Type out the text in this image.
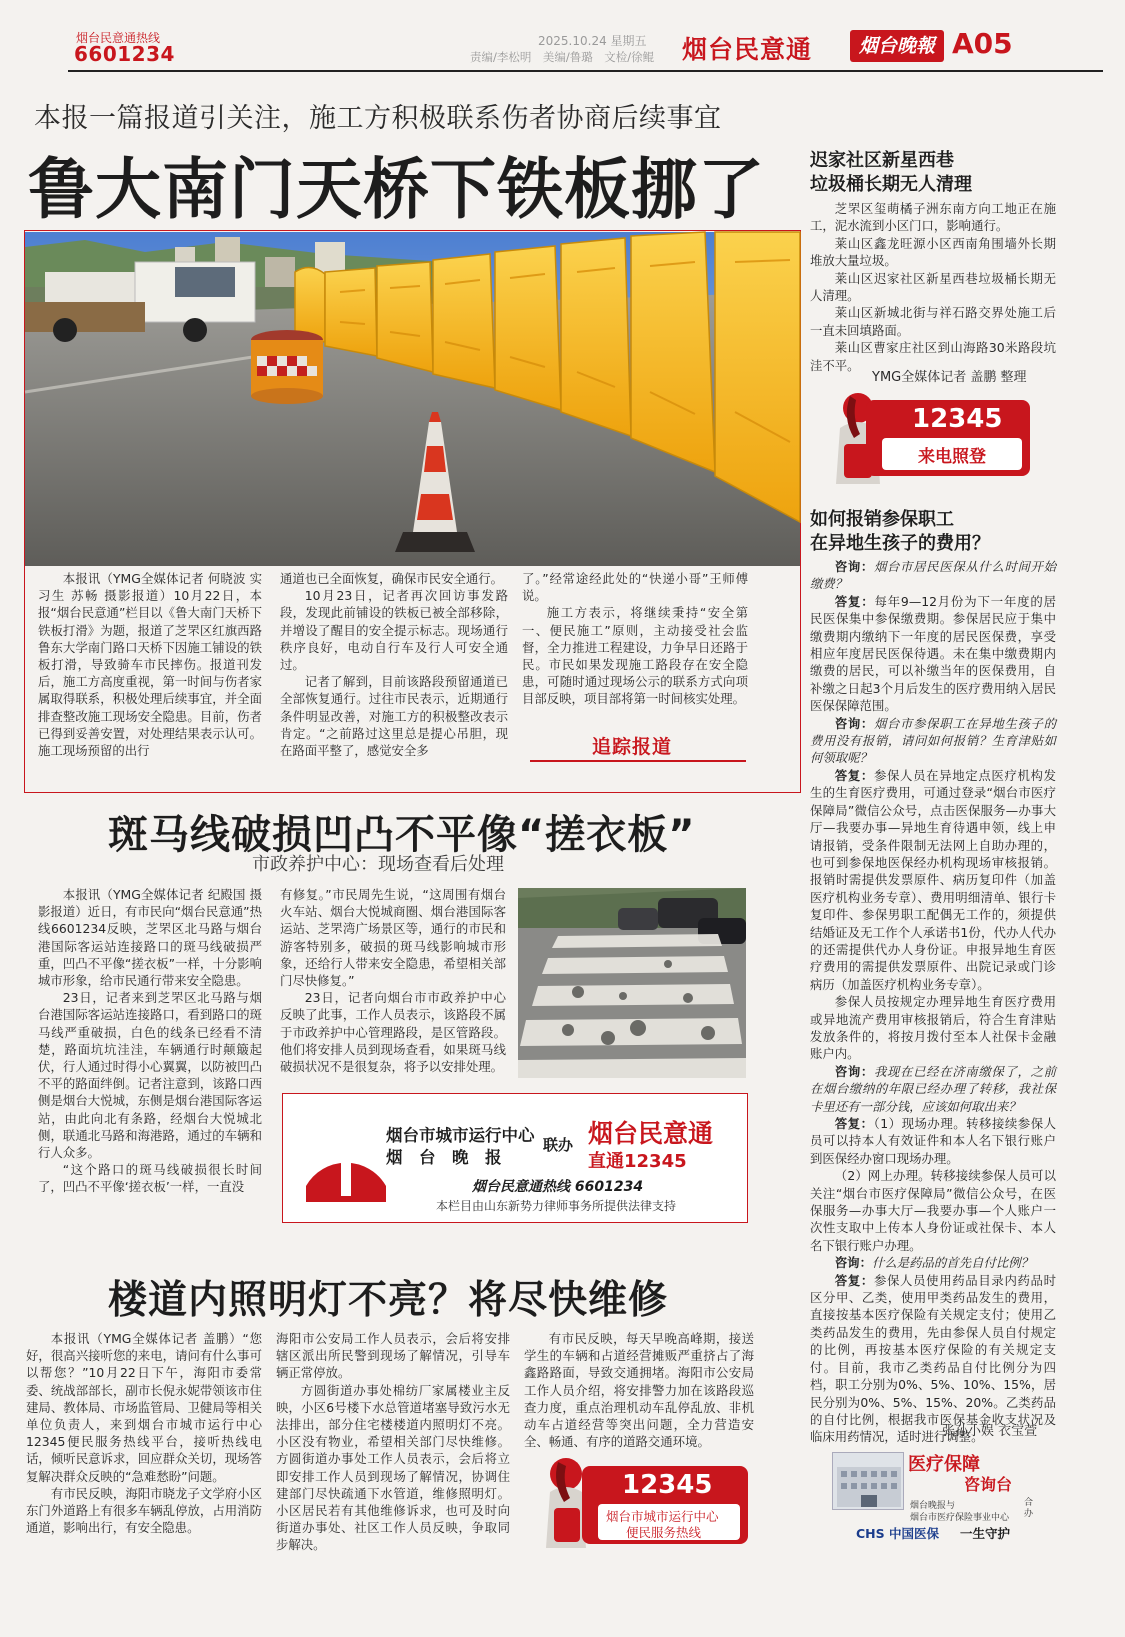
烟台民意通热线
6601234
2025.10.24 星期五
责编/李松明　美编/鲁璐　文检/徐鲲 烟台民意通	烟台晚報 A05
本报一篇报道引关注，施工方积极联系伤者协商后续事宜
鲁大南门天桥下铁板挪了
本报讯（YMG全媒体记者 何晓波 实习生 苏畅 摄影报道）10月22日，本报“烟台民意通”栏目以《鲁大南门天桥下铁板打滑》为题，报道了芝罘区红旗西路鲁东大学南门路口天桥下因施工铺设的铁板打滑，导致骑车市民摔伤。报道刊发后，施工方高度重视，第一时间与伤者家属取得联系，积极处理后续事宜，并全面排查整改施工现场安全隐患。目前，伤者已得到妥善安置，对处理结果表示认可。施工现场预留的出行
通道也已全面恢复，确保市民安全通行。
10月23日，记者再次回访事发路段，发现此前铺设的铁板已被全部移除，并增设了醒目的安全提示标志。现场通行秩序良好，电动自行车及行人可安全通过。
记者了解到，目前该路段预留通道已全部恢复通行。过往市民表示，近期通行条件明显改善，对施工方的积极整改表示肯定。“之前路过这里总是提心吊胆，现在路面平整了，感觉安全多
了。”经常途经此处的“快递小哥”王师傅说。
施工方表示，将继续秉持“安全第一、便民施工”原则，主动接受社会监督，全力推进工程建设，力争早日还路于民。市民如果发现施工路段存在安全隐患，可随时通过现场公示的联系方式向项目部反映，项目部将第一时间核实处理。
追踪报道
斑马线破损凹凸不平像“搓衣板”
市政养护中心：现场查看后处理
本报讯（YMG全媒体记者 纪殿国 摄影报道）近日，有市民向“烟台民意通”热线6601234反映，芝罘区北马路与烟台港国际客运站连接路口的斑马线破损严重，凹凸不平像“搓衣板”一样，十分影响城市形象，给市民通行带来安全隐患。
23日，记者来到芝罘区北马路与烟台港国际客运站连接路口，看到路口的斑马线严重破损，白色的线条已经看不清楚，路面坑坑洼洼，车辆通行时颠簸起伏，行人通过时得小心翼翼，以防被凹凸不平的路面绊倒。记者注意到，该路口西侧是烟台大悦城，东侧是烟台港国际客运站，由此向北有条路，经烟台大悦城北侧，联通北马路和海港路，通过的车辆和行人众多。
“这个路口的斑马线破损很长时间了，凹凸不平像‘搓衣板’一样，一直没
有修复。”市民周先生说，“这周围有烟台火车站、烟台大悦城商圈、烟台港国际客运站、芝罘湾广场景区等，通行的市民和游客特别多，破损的斑马线影响城市形象，还给行人带来安全隐患，希望相关部门尽快修复。”
23日，记者向烟台市市政养护中心反映了此事，工作人员表示，该路段不属于市政养护中心管理路段，是区管路段。他们将安排人员到现场查看，如果斑马线破损状况不是很复杂，将予以安排处理。
烟台市城市运行中心
烟　台　晚　报
联办 烟台民意通
直通12345
烟台民意通热线 6601234
本栏目由山东新势力律师事务所提供法律支持
楼道内照明灯不亮？将尽快维修
本报讯（YMG全媒体记者 盖鹏）“您好，很高兴接听您的来电，请问有什么事可以帮您？”10月22日下午，海阳市委常委、统战部部长，副市长倪永妮带领该市住建局、教体局、市场监管局、卫健局等相关单位负责人，来到烟台市城市运行中心12345便民服务热线平台，接听热线电话，倾听民意诉求，回应群众关切，现场答复解决群众反映的“急难愁盼”问题。
有市民反映，海阳市晓龙子文学府小区东门外道路上有很多车辆乱停放，占用消防通道，影响出行，有安全隐患。
海阳市公安局工作人员表示，会后将安排辖区派出所民警到现场了解情况，引导车辆正常停放。
方圆街道办事处棉纺厂家属楼业主反映，小区6号楼下水总管道堵塞导致污水无法排出，部分住宅楼楼道内照明灯不亮。小区没有物业，希望相关部门尽快维修。方圆街道办事处工作人员表示，会后将立即安排工作人员到现场了解情况，协调住建部门尽快疏通下水管道，维修照明灯。小区居民若有其他维修诉求，也可及时向街道办事处、社区工作人员反映，争取同步解决。
有市民反映，每天早晚高峰期，接送学生的车辆和占道经营摊贩严重挤占了海鑫路路面，导致交通拥堵。海阳市公安局工作人员介绍，将安排警力加在该路段巡查力度，重点治理机动车乱停乱放、非机动车占道经营等突出问题，全力营造安全、畅通、有序的道路交通环境。
12345
烟台市城市运行中心
便民服务热线
迟家社区新星西巷
垃圾桶长期无人清理

芝罘区玺萌橘子洲东南方向工地正在施工，泥水流到小区门口，影响通行。

莱山区鑫龙旺源小区西南角围墙外长期堆放大量垃圾。

莱山区迟家社区新星西巷垃圾桶长期无人清理。

莱山区新城北街与祥石路交界处施工后一直未回填路面。

莱山区曹家庄社区到山海路30米路段坑洼不平。

YMG全媒体记者 盖鹏 整理
12345
来电照登
如何报销参保职工
在异地生孩子的费用？

咨询：烟台市居民医保从什么时间开始缴费？

答复：每年9—12月份为下一年度的居民医保集中参保缴费期。参保居民应于集中缴费期内缴纳下一年度的居民医保费，享受相应年度居民医保待遇。未在集中缴费期内缴费的居民，可以补缴当年的医保费用，自补缴之日起3个月后发生的医疗费用纳入居民医保保障范围。

咨询：烟台市参保职工在异地生孩子的费用没有报销，请问如何报销？生育津贴如何领取呢？

答复：参保人员在异地定点医疗机构发生的生育医疗费用，可通过登录“烟台市医疗保障局”微信公众号，点击医保服务—办事大厅—我要办事—异地生育待遇申领，线上申请报销，受条件限制无法网上自助办理的，也可到参保地医保经办机构现场审核报销。报销时需提供发票原件、病历复印件（加盖医疗机构业务专章）、费用明细清单、银行卡复印件、参保男职工配偶无工作的，须提供结婚证及无工作个人承诺书1份，代办人代办的还需提供代办人身份证。申报异地生育医疗费用的需提供发票原件、出院记录或门诊病历（加盖医疗机构业务专章）。

参保人员按规定办理异地生育医疗费用或异地流产费用审核报销后，符合生育津贴发放条件的，将按月拨付至本人社保卡金融账户内。

咨询：我现在已经在济南缴保了，之前在烟台缴纳的年限已经办理了转移，我社保卡里还有一部分钱，应该如何取出来？

答复：（1）现场办理。转移接续参保人员可以持本人有效证件和本人名下银行账户到医保经办窗口现场办理。

（2）网上办理。转移接续参保人员可以关注“烟台市医疗保障局”微信公众号，在医保服务—办事大厅—我要办事—个人账户一次性支取中上传本人身份证或社保卡、本人名下银行账户办理。

咨询：什么是药品的首先自付比例？

答复：参保人员使用药品目录内药品时区分甲、乙类，使用甲类药品发生的费用，直接按基本医疗保险有关规定支付；使用乙类药品发生的费用，先由参保人员自付规定的比例，再按基本医疗保险的有关规定支付。目前，我市乙类药品自付比例分为四档，职工分别为0%、5%、10%、15%，居民分别为0%、5%、15%、20%。乙类药品的自付比例，根据我市医保基金收支状况及临床用药情况，适时进行调整。

张孙小娱 衣宝萱
医疗保障
咨询台
烟台晚报与
烟台市医疗保险事业中心
合办
CHS 中国医保 一生守护
